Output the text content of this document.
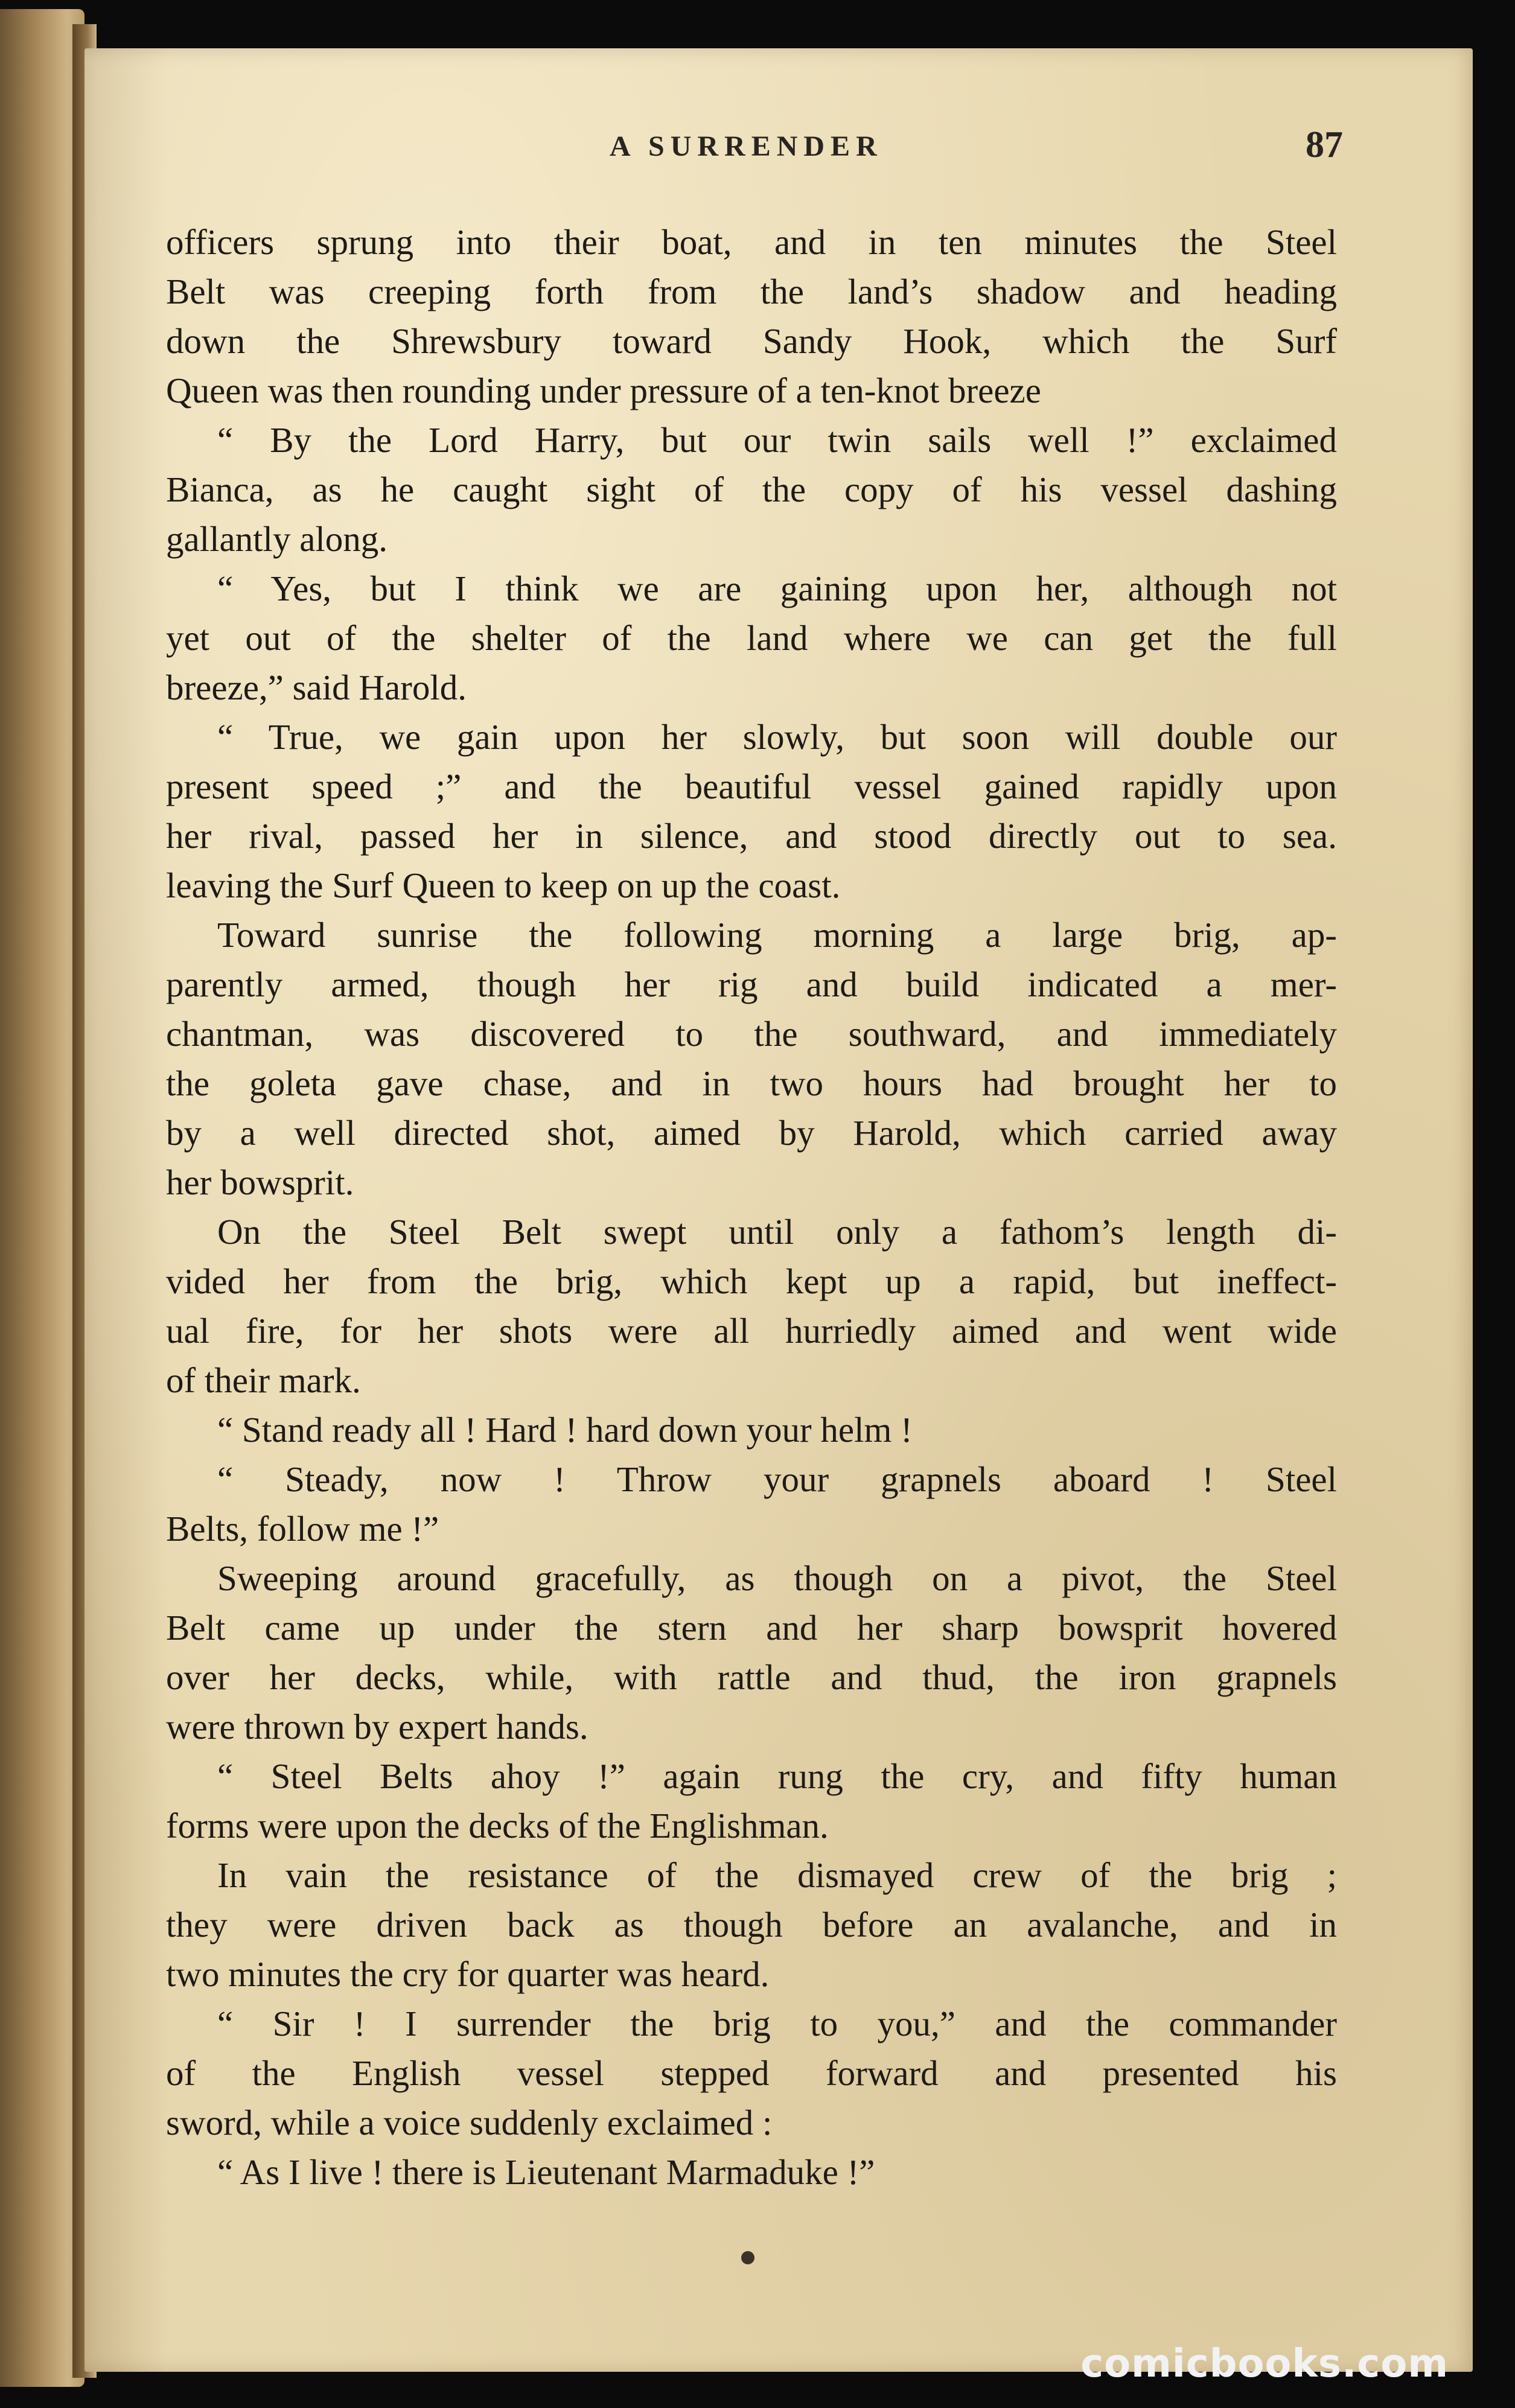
A SURRENDER	87
officers sprung into their boat, and in ten minutes the Steel
Belt was creeping forth from the land’s shadow and heading
down the Shrewsbury toward Sandy Hook, which the Surf
Queen was then rounding under pressure of a ten-knot breeze
“ By the Lord Harry, but our twin sails well !” exclaimed
Bianca, as he caught sight of the copy of his vessel dashing
gallantly along.
“ Yes, but I think we are gaining upon her, although not
yet out of the shelter of the land where we can get the full
breeze,” said Harold.
“ True, we gain upon her slowly, but soon will double our
present speed ;” and the beautiful vessel gained rapidly upon
her rival, passed her in silence, and stood directly out to sea.
leaving the Surf Queen to keep on up the coast.
Toward sunrise the following morning a large brig, ap-
parently armed, though her rig and build indicated a mer-
chantman, was discovered to the southward, and immediately
the goleta gave chase, and in two hours had brought her to
by a well directed shot, aimed by Harold, which carried away
her bowsprit.
On the Steel Belt swept until only a fathom’s length di-
vided her from the brig, which kept up a rapid, but ineffect-
ual fire, for her shots were all hurriedly aimed and went wide
of their mark.
“ Stand ready all ! Hard ! hard down your helm !
“ Steady, now ! Throw your grapnels aboard ! Steel
Belts, follow me !”
Sweeping around gracefully, as though on a pivot, the Steel
Belt came up under the stern and her sharp bowsprit hovered
over her decks, while, with rattle and thud, the iron grapnels
were thrown by expert hands.
“ Steel Belts ahoy !” again rung the cry, and fifty human
forms were upon the decks of the Englishman.
In vain the resistance of the dismayed crew of the brig ;
they were driven back as though before an avalanche, and in
two minutes the cry for quarter was heard.
“ Sir ! I surrender the brig to you,” and the commander
of the English vessel stepped forward and presented his
sword, while a voice suddenly exclaimed :
“ As I live ! there is Lieutenant Marmaduke !”
comicbooks.com
